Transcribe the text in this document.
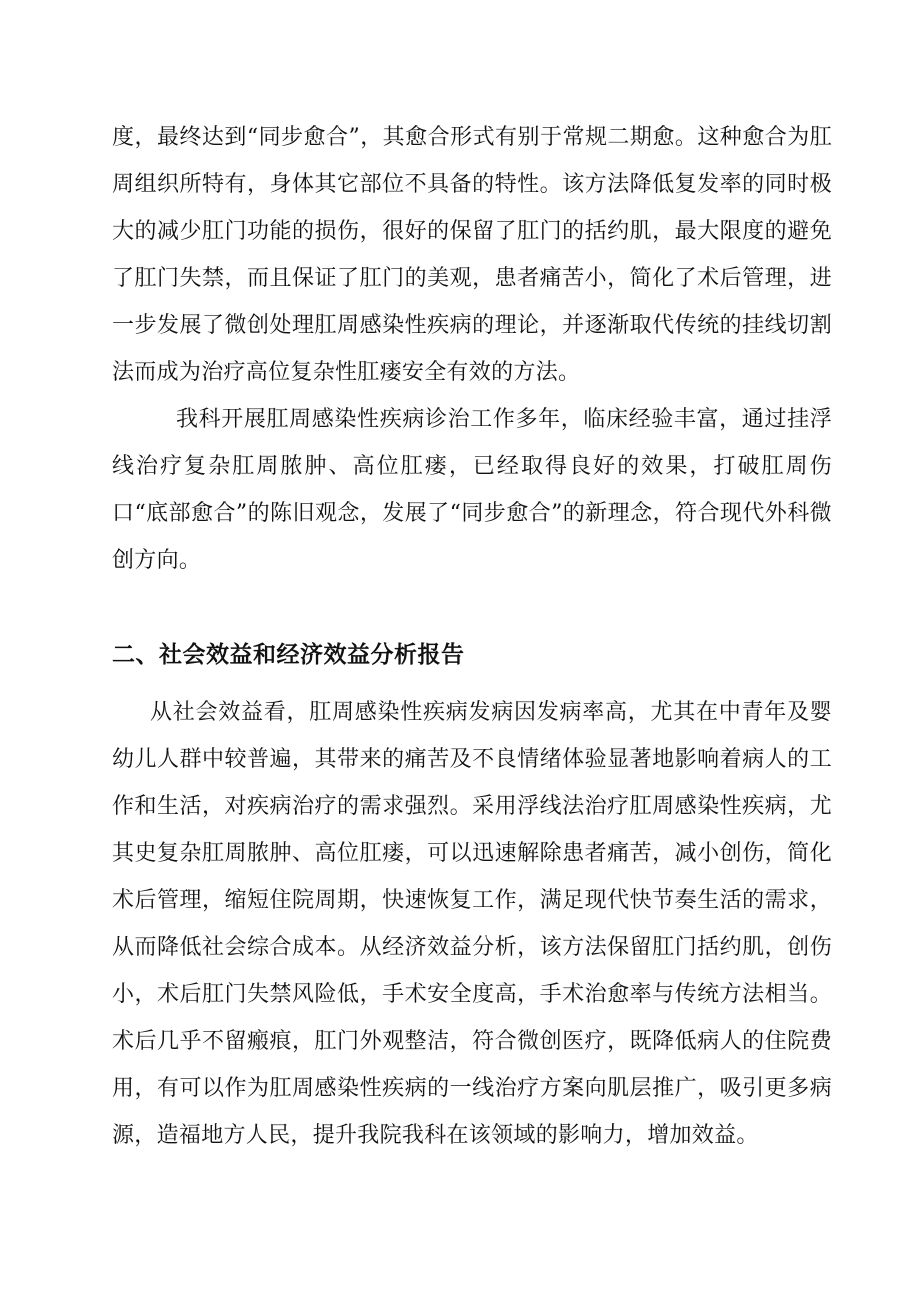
度，最终达到“同步愈合”，其愈合形式有别于常规二期愈。这种愈合为肛周组织所特有，身体其它部位不具备的特性。该方法降低复发率的同时极大的减少肛门功能的损伤，很好的保留了肛门的括约肌，最大限度的避免了肛门失禁，而且保证了肛门的美观，患者痛苦小，简化了术后管理，进一步发展了微创处理肛周感染性疾病的理论，并逐渐取代传统的挂线切割法而成为治疗高位复杂性肛瘘安全有效的方法。

我科开展肛周感染性疾病诊治工作多年，临床经验丰富，通过挂浮线治疗复杂肛周脓肿、高位肛瘘，已经取得良好的效果，打破肛周伤口“底部愈合”的陈旧观念，发展了“同步愈合”的新理念，符合现代外科微创方向。

二、社会效益和经济效益分析报告

从社会效益看，肛周感染性疾病发病因发病率高，尤其在中青年及婴幼儿人群中较普遍，其带来的痛苦及不良情绪体验显著地影响着病人的工作和生活，对疾病治疗的需求强烈。采用浮线法治疗肛周感染性疾病，尤其史复杂肛周脓肿、高位肛瘘，可以迅速解除患者痛苦，减小创伤，简化术后管理，缩短住院周期，快速恢复工作，满足现代快节奏生活的需求，从而降低社会综合成本。从经济效益分析，该方法保留肛门括约肌，创伤小，术后肛门失禁风险低，手术安全度高，手术治愈率与传统方法相当。术后几乎不留瘢痕，肛门外观整洁，符合微创医疗，既降低病人的住院费用，有可以作为肛周感染性疾病的一线治疗方案向肌层推广，吸引更多病源，造福地方人民，提升我院我科在该领域的影响力，增加效益。
